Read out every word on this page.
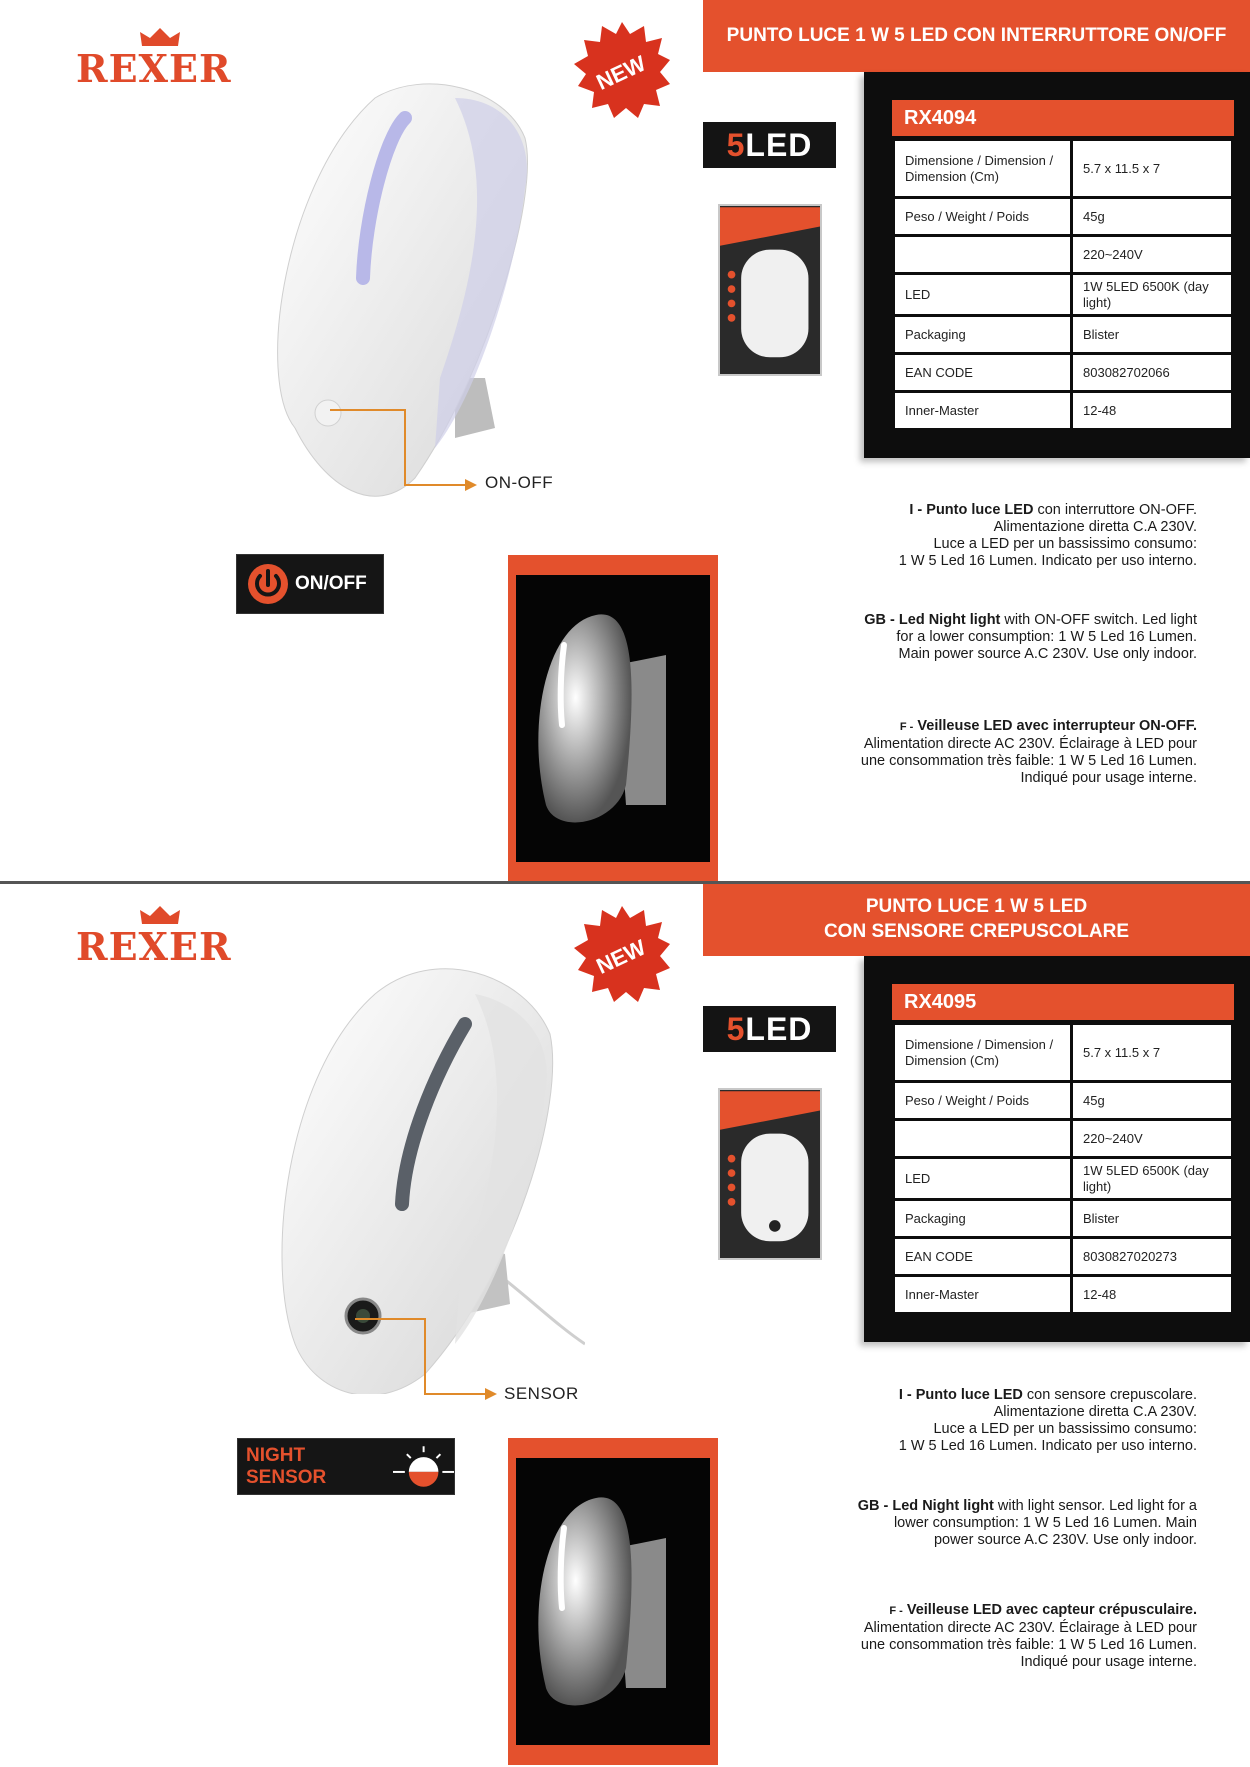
REXER	NEW
PUNTO LUCE 1 W 5 LED CON INTERRUTTORE ON/OFF
5 LED
RX4094
Dimensione / Dimension / Dimension (Cm)	5.7 x 11.5 x 7
Peso / Weight / Poids	45g
	220~240V
LED	1W 5LED 6500K (day light)
Packaging	Blister
EAN CODE	803082702066
Inner-Master	12-48
ON-OFF
ON/OFF
I - Punto luce LED con interruttore ON-OFF.
Alimentazione diretta C.A 230V.
Luce a LED per un bassissimo consumo:
1 W 5 Led 16 Lumen. Indicato per uso interno.
GB - Led Night light with ON-OFF switch. Led light
for a lower consumption: 1 W 5 Led 16 Lumen.
Main power source A.C 230V. Use only indoor.
F - Veilleuse LED avec interrupteur ON-OFF.
Alimentation directe AC 230V. Éclairage à LED pour
une consommation très faible: 1 W 5 Led 16 Lumen.
Indiqué pour usage interne.
REXER	NEW
PUNTO LUCE 1 W 5 LED
CON SENSORE CREPUSCOLARE
5 LED
RX4095
Dimensione / Dimension / Dimension (Cm)	5.7 x 11.5 x 7
Peso / Weight / Poids	45g
	220~240V
LED	1W 5LED 6500K (day light)
Packaging	Blister
EAN CODE	8030827020273
Inner-Master	12-48
SENSOR
NIGHT SENSOR
I - Punto luce LED con sensore crepuscolare.
Alimentazione diretta C.A 230V.
Luce a LED per un bassissimo consumo:
1 W 5 Led 16 Lumen. Indicato per uso interno.
GB - Led Night light with light sensor. Led light for a
lower consumption: 1 W 5 Led 16 Lumen. Main
power source A.C 230V. Use only indoor.
F - Veilleuse LED avec capteur crépusculaire.
Alimentation directe AC 230V. Éclairage à LED pour
une consommation très faible: 1 W 5 Led 16 Lumen.
Indiqué pour usage interne.
